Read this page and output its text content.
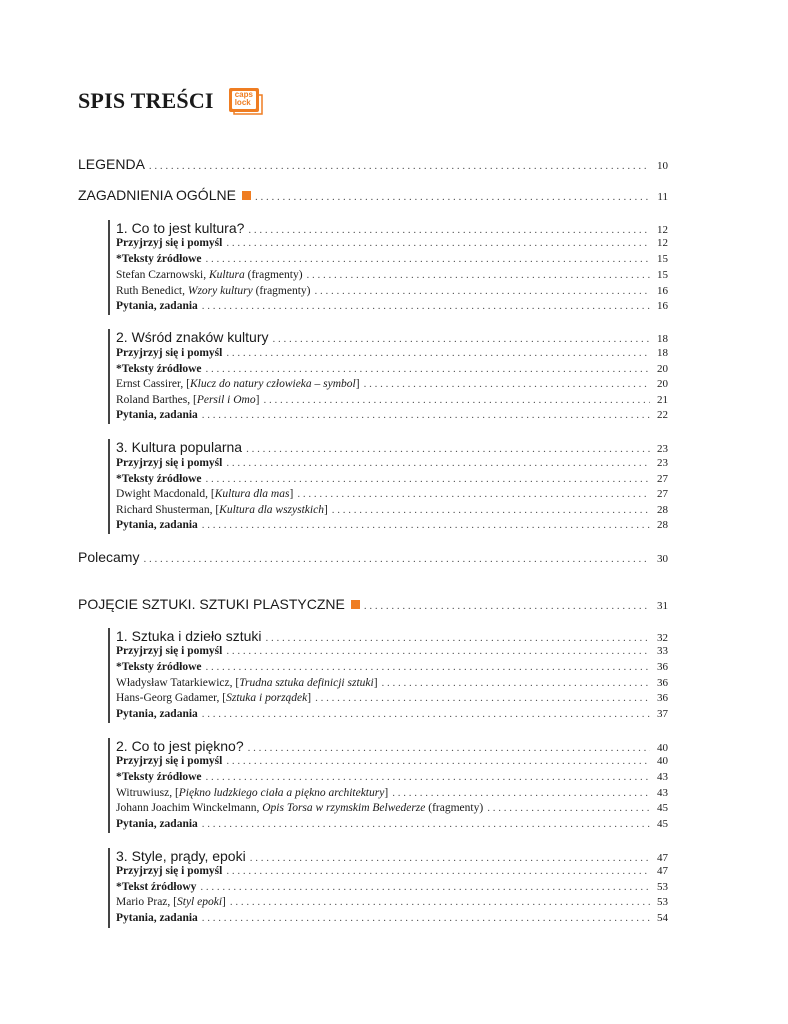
SPIS TREŚCI	caps
lock
LEGENDA . . .	10
ZAGADNIENIA OGÓLNE . . .	11
1. Co to jest kultura? . . .	12
Przyjrzyj się i pomyśl . . .	12
*Teksty źródłowe . . .	15
Stefan Czarnowski, Kultura (fragmenty) . . .	15
Ruth Benedict, Wzory kultury (fragmenty) . . .	16
Pytania, zadania . . .	16
2. Wśród znaków kultury . . .	18
Przyjrzyj się i pomyśl . . .	18
*Teksty źródłowe . . .	20
Ernst Cassirer, [Klucz do natury człowieka – symbol] . . .	20
Roland Barthes, [Persil i Omo] . . .	21
Pytania, zadania . . .	22
3. Kultura popularna . . .	23
Przyjrzyj się i pomyśl . . .	23
*Teksty źródłowe . . .	27
Dwight Macdonald, [Kultura dla mas] . . .	27
Richard Shusterman, [Kultura dla wszystkich] . . .	28
Pytania, zadania . . .	28
Polecamy . . .	30
POJĘCIE SZTUKI. SZTUKI PLASTYCZNE . . .	31
1. Sztuka i dzieło sztuki . . .	32
Przyjrzyj się i pomyśl . . .	33
*Teksty źródłowe . . .	36
Władysław Tatarkiewicz, [Trudna sztuka definicji sztuki] . . .	36
Hans-Georg Gadamer, [Sztuka i porządek] . . .	36
Pytania, zadania . . .	37
2. Co to jest piękno? . . .	40
Przyjrzyj się i pomyśl . . .	40
*Teksty źródłowe . . .	43
Witruwiusz, [Piękno ludzkiego ciała a piękno architektury] . . .	43
Johann Joachim Winckelmann, Opis Torsa w rzymskim Belwederze (fragmenty) . . .	45
Pytania, zadania . . .	45
3. Style, prądy, epoki . . .	47
Przyjrzyj się i pomyśl . . .	47
*Tekst źródłowy . . .	53
Mario Praz, [Styl epoki] . . .	53
Pytania, zadania . . .	54
